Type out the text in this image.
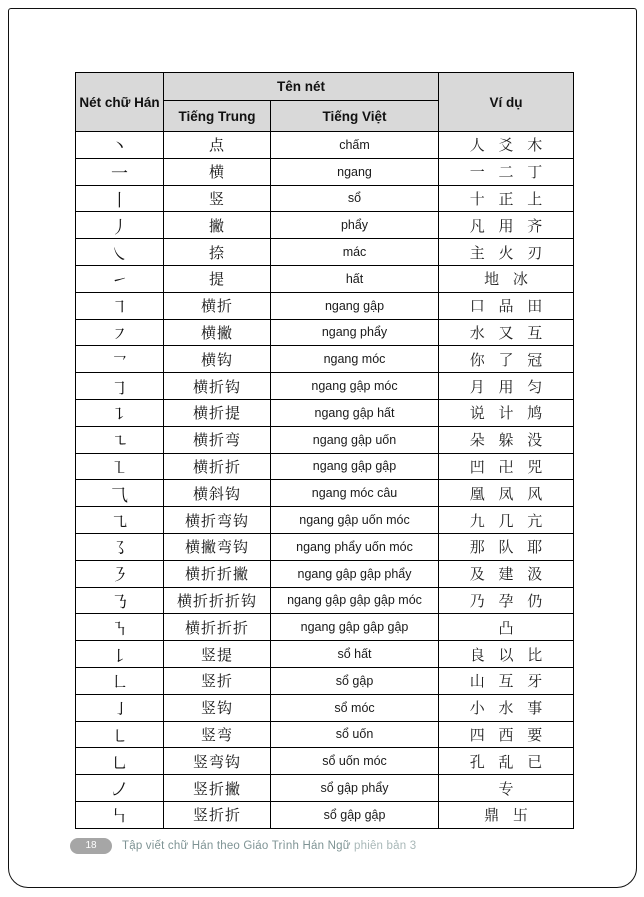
Nét chữ Hán	Tên nét		Ví dụ
	Tiếng Trung	Tiếng Việt	
丶	点	chấm	人 爻 木
一	横	ngang	一 二 丁
丨	竖	sổ	十 正 上
丿	撇	phẩy	凡 用 齐
㇏	捺	mác	主 火 刃
㇀	提	hất	地 冰
㇕	横折	ngang gập	口 品 田
㇇	横撇	ngang phẩy	水 又 互
㇖	横钩	ngang móc	你 了 冠
㇆	横折钩	ngang gập móc	月 用 匀
㇊	横折提	ngang gập hất	说 计 鸠
㇍	横折弯	ngang gập uốn	朵 躲 没
㇅	横折折	ngang gập gập	凹 卍 兕
⺄	横斜钩	ngang móc câu	凰 凤 风
㇈	横折弯钩	ngang gập uốn móc	九 几 亢
㇌	横撇弯钩	ngang phẩy uốn móc	那 队 耶
㇋	横折折撇	ngang gập gập phẩy	及 建 汲
㇡	横折折折钩	ngang gập gập gập móc	乃 孕 仍
㇎	横折折折	ngang gập gập gập	凸
㇙	竖提	sổ hất	良 以 比
㇗	竖折	sổ gập	山 互 牙
㇚	竖钩	sổ móc	小 水 事
㇄	竖弯	sổ uốn	四 西 要
㇟	竖弯钩	sổ uốn móc	孔 乱 已
㇢	竖折撇	sổ gập phẩy	专
㇞	竖折折	sổ gập gập	鼎 卐
18	Tập viết chữ Hán theo Giáo Trình Hán Ngữ phiên bản 3
